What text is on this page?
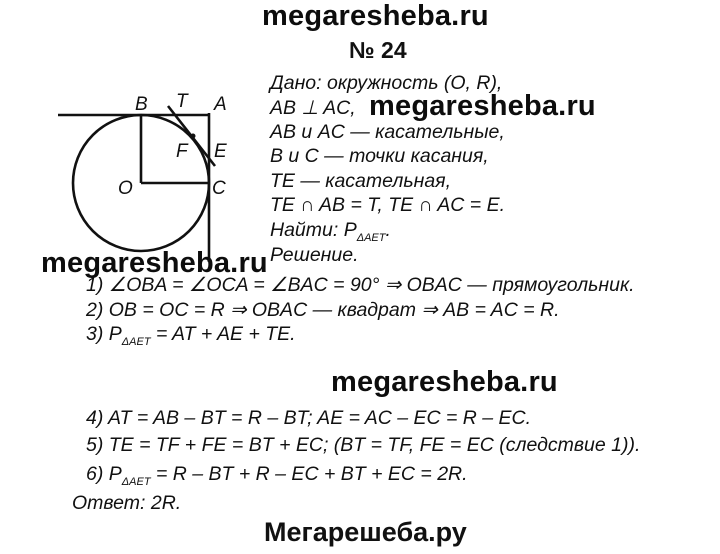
megaresheba.ru
megaresheba.ru
megaresheba.ru
megaresheba.ru
№ 24
B T A
F E
O	C
Дано: окружность (O, R),
AB ⊥ AC,
AB и AC — касательные,
B и C — точки касания,
TE — касательная,
TE ∩ AB = T, TE ∩ AC = E.
Найти: $P_{\Delta AET}$.
Решение.
1) ∠OBA = ∠OCA = ∠BAC = 90° ⇒ OBAC — прямоугольник.
2) OB = OC = R ⇒ OBAC — квадрат ⇒ AB = AC = R.
3) $P_{\Delta AET}$ = AT + AE + TE.
4) AT = AB – BT = R – BT; AE = AC – EC = R – EC.
5) TE = TF + FE = BT + EC; (BT = TF, FE = EC (следствие 1)).
6) $P_{\Delta AET} = R$ – BT + R – EC + BT + EC = 2R.
Ответ: 2R.
Мегарешеба.ру
